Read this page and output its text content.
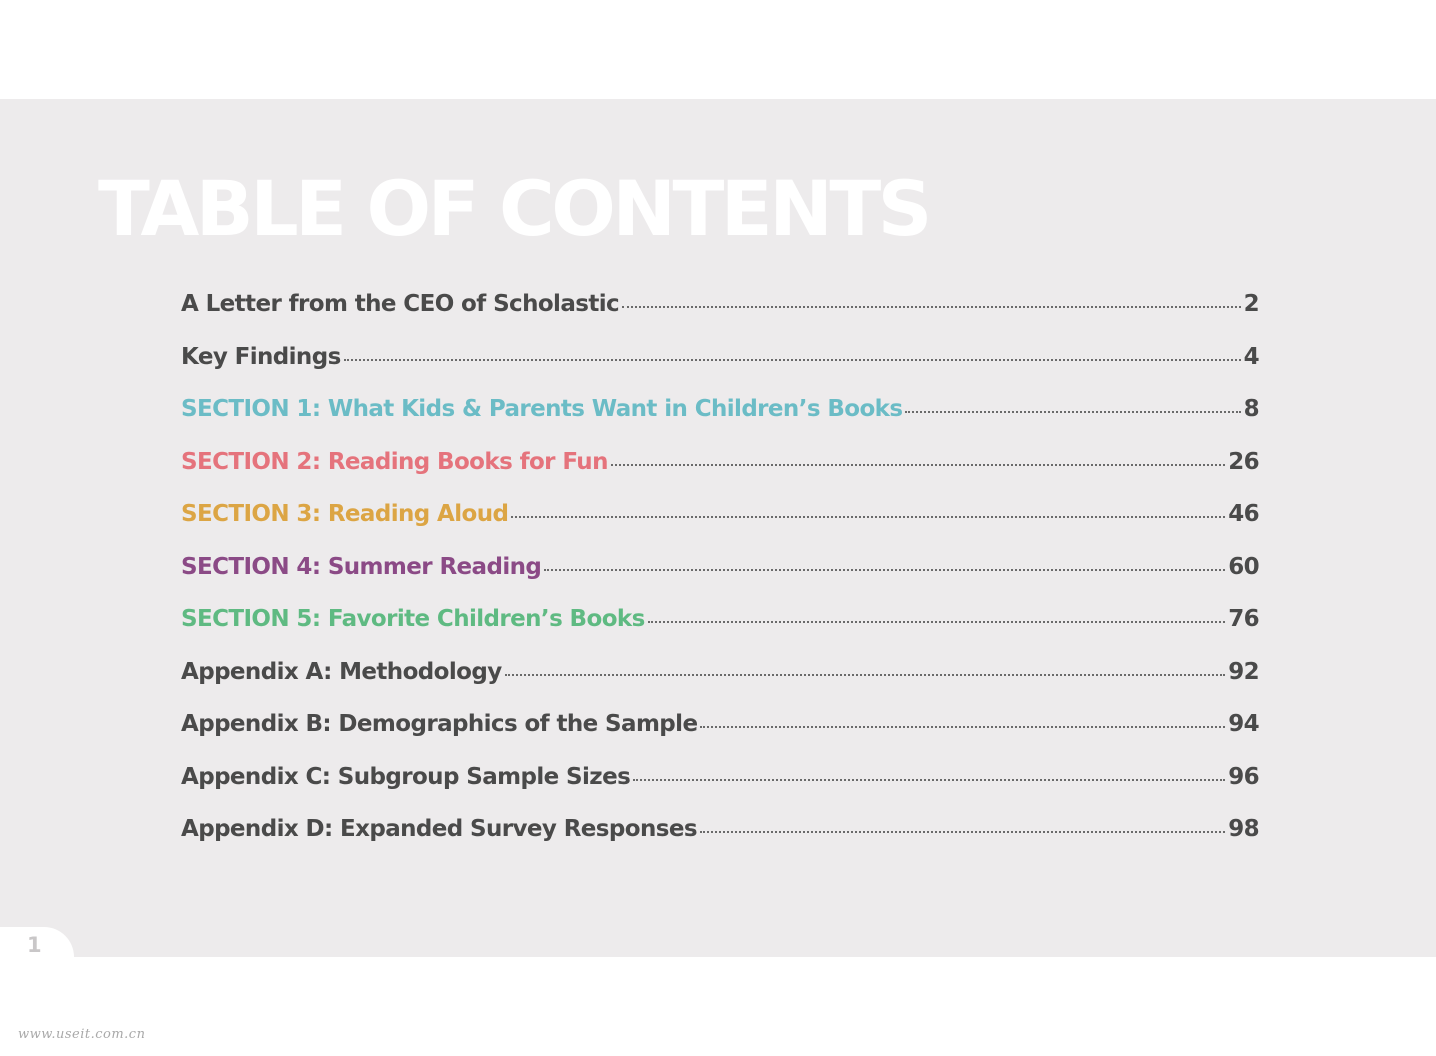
TABLE OF CONTENTS
A Letter from the CEO of Scholastic	2
Key Findings	4
SECTION 1: What Kids & Parents Want in Children’s Books	8
SECTION 2: Reading Books for Fun	26
SECTION 3: Reading Aloud	46
SECTION 4: Summer Reading	60
SECTION 5: Favorite Children’s Books	76
Appendix A: Methodology	92
Appendix B: Demographics of the Sample	94
Appendix C: Subgroup Sample Sizes	96
Appendix D: Expanded Survey Responses	98
1
www.useit.com.cn
